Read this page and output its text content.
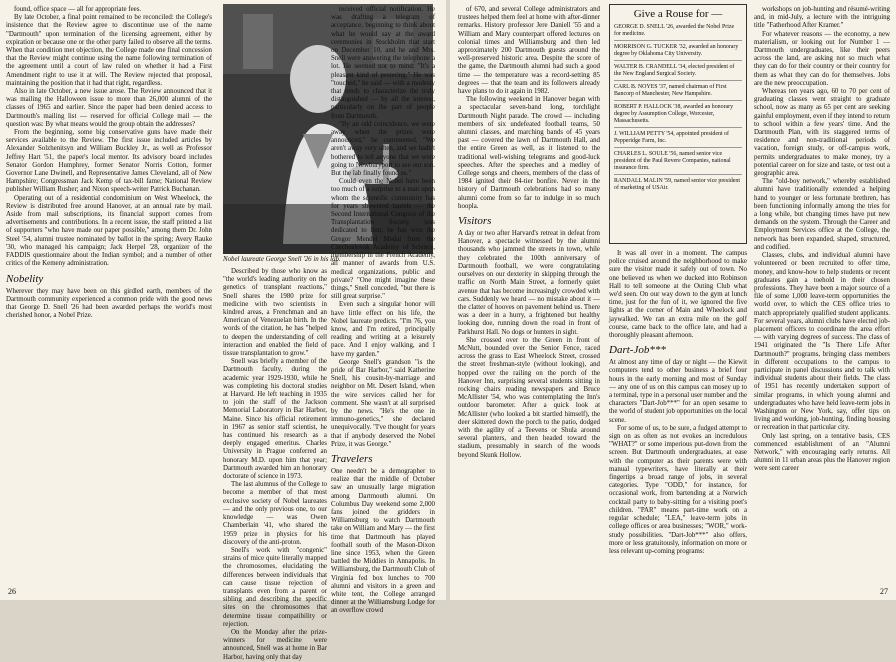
found, office space — all for appropriate fees.

By late October, a final point remained to be reconciled: the College's insistence that the Review agree to discontinue use of the name "Dartmouth" upon termination of the licensing agreement, either by expiration or because one or the other party failed to observe all the terms. When that condition met objection, the College made one final concession that the Review might continue using the name following termination of the agreement until a court of law ruled on whether it had a First Amendment right to use it at will. The Review rejected that proposal, maintaining the position that it had that right, regardless.

Also in late October, a new issue arose. The Review announced that it was mailing the Halloween issue to more than 26,000 alumni of the classes of 1965 and earlier. Since the paper had been denied access to Dartmouth's mailing list — reserved for official College mail — the question was: By what means would the group obtain the addresses?

From the beginning, some big conservative guns have made their services available to the Review. The first issue included articles by Alexander Solzhenitsyn and William Buckley Jr., as well as Professor Jeffrey Hart '51, the paper's local mentor. Its advisory board includes Senator Gordon Humphrey, former Senator Norris Cotton, former Governor Lane Dwinell, and Representative James Cleveland, all of New Hampshire; Congressman Jack Kemp of tax-bill fame; National Review publisher William Rusher; and Nixon speech-writer Patrick Buchanan.

Operating out of a residential condominium on West Wheelock, the Review is distributed free around Hanover, at an annual rate by mail. Aside from mail subscriptions, its financial support comes from advertisements and contributions. In a recent issue, the staff printed a list of supporters "who have made our paper possible," among them Dr. John Steel '54, alumni trustee nominated by ballot in the spring; Avery Rauke '30, who managed his campaign; Jack Herpel '28, organizer of the FADDIS questionnaire about the Indian symbol; and a number of other critics of the Kemeny administration.

Nobelity

Wherever they may have been on this girdled earth, members of the Dartmouth community experienced a common pride with the good news that George D. Snell '26 had been awarded perhaps the world's most cherished honor, a Nobel Prize.

Nobel laureate George Snell '26 in his lab.

Described by those who know as "the world's leading authority on the genetics of transplant reactions," Snell shares the 1980 prize for medicine with two scientists in kindred areas, a Frenchman and an American of Venezuelan birth. In the words of the citation, he has "helped to deepen the understanding of cell interaction and enabled the field of tissue transplantation to grow."

Snell was briefly a member of the Dartmouth faculty, during the academic year 1929-1930, while he was completing his doctoral studies at Harvard. He left teaching in 1935 to join the staff of the Jackson Memorial Laboratory in Bar Harbor, Maine. Since his official retirement in 1967 as senior staff scientist, he has continued his research as a deeply engaged emeritus. Charles University in Prague conferred an honorary M.D. upon him that year; Dartmouth awarded him an honorary doctorate of science in 1973.

The last alumnus of the College to become a member of that most exclusive society of Nobel laureates — and the only previous one, to our knowledge — was Owen Chamberlain '41, who shared the 1959 prize in physics for his discovery of the anti-proton.

Snell's work with "congenic" strains of mice quite literally mapped the chromosomes, elucidating the differences between individuals that can cause tissue rejection of transplants even from a parent or sibling and describing the specific sites on the chromosomes that determine tissue compatibility or rejection.

On the Monday after the prize-winners for medicine were announced, Snell was at home in Bar Harbor, having only that day

received official notification. He was drafting a telegram of acceptance, beginning to think about what he would say at the award ceremonies in Stockholm that start on December 10, and he and Mrs. Snell were answering the telephone a lot. He seemed not to mind: "It's a pleasant kind of pestering." He was "touched," he said — with a modesty that tends to characterize the truly distinguished — by all the interest, particularly on the part of people from Dartmouth.

"By an odd coincidence, we were away when the prizes were announced," he commented. "We aren't away very often, and we hadn't bothered to tell anyone that we were going to Newburyport to see our son. But the lab finally found us."

Could even the Nobel have been too much of a surprise to a man upon whom the scientific community has for years showered laurels — the Second International Congress of the Transplantation Society was dedicated to him; he has won the Gregor Mendel Medal from the Czechoslovak Academy of Science, membership in the French Academy, all manner of awards from U.S. medical organizations, public and private? "One might imagine these things," Snell conceded, "but there is still great surprise."

Even such a singular honor will have little effect on his life, the Nobel laureate predicts. "I'm 76, you know, and I'm retired, principally reading and writing at a leisurely pace. And I enjoy walking, and I have my garden."

George Snell's grandson "is the pride of Bar Harbor," said Katherine Snell, his cousin-by-marriage and neighbor on Mt. Desert Island, when the wire services called her for comment. She wasn't at all surprised by the news. "He's the one in immuno-genetics," she declared unequivocally. "I've thought for years that if anybody deserved the Nobel Prize, it was George."

Travelers

One needn't be a demographer to realize that the middle of October saw an unusually large migration among Dartmouth alumni. On Columbus Day weekend some 2,000 fans joined the gridders in Williamsburg to watch Dartmouth take on William and Mary — the first time that Dartmouth has played football south of the Mason-Dixon line since 1953, when the Green battled the Middies in Annapolis. In Williamsburg, the Dartmouth Club of Virginia fed box lunches to 700 alumni and visitors in a green and white tent, the College arranged dinner at the Williamsburg Lodge for an overflow crowd

26

of 670, and several College administrators and trustees helped them feel at home with after-dinner remarks. History professor Jere Daniell '55 and a William and Mary counterpart offered lectures on colonial times and Williamsburg and then led approximately 200 Dartmouth guests around the well-preserved historic area. Despite the score of the game, the Dartmouth alumni had such a good time — the temperature was a record-setting 85 degrees — that the team and its followers already have plans to do it again in 1982.

The following weekend in Hanover began with a spectacular seven-band long, torchlight Dartmouth Night parade. The crowd — including members of six undefeated football teams, 50 alumni classes, and marching bands of 45 years past — covered the lawn of Dartmouth Hall, and the entire Green as well, as it listened to the traditional well-wishing telegrams and good-luck speeches. After the speeches and a medley of College songs and cheers, members of the class of 1984 ignited their 84-tier bonfire. Never in the history of Dartmouth celebrations had so many alumni come from so far to indulge in so much hoopla.

Visitors

A day or two after Harvard's retreat in defeat from Hanover, a spectacle witnessed by the alumni thousands who jammed the streets in town, while they celebrated the 100th anniversary of Dartmouth football, we were congratulating ourselves on our dexterity in skipping through the traffic on North Main Street, a formerly quiet avenue that has become increasingly crowded with cars. Suddenly we heard — no mistake about it — the clatter of hooves on pavement behind us. There was a deer in a hurry, a frightened but healthy looking doe, running down the road in front of Parkhurst Hall. No dogs or hunters in sight.

She crossed over to the Green in front of McNutt, bounded over the Senior Fence, raced across the grass to East Wheelock Street, crossed the street freshman-style (without looking), and hopped over the railing on the porch of the Hanover Inn, surprising several students sitting in rocking chairs reading newspapers and Bruce McAllister '54, who was contemplating the Inn's outdoor barometer. After a quick look at McAllister (who looked a bit startled himself), the deer skittered down the porch to the patio, dodged with the agility of a Teevens or Shula around several planters, and then headed toward the stadium, presumably in search of the woods beyond Skunk Hollow.

Give a Rouse for —
GEORGE D. SNELL '26, awarded the Nobel Prize for medicine.
MORRISON G. TUCKER '32, awarded an honorary degree by Oklahoma City University.
WALTER B. CRANDELL '34, elected president of the New England Surgical Society.
CARL B. NOYES '37, named chairman of First Bancorp of Manchester, New Hampshire.
ROBERT P. HALLOCK '38, awarded an honorary degree by Assumption College, Worcester, Massachusetts.
J. WILLIAM PETTY '54, appointed president of Pepperidge Farm, Inc.
CHARLES L. SOULE '56, named senior vice president of the Paul Revere Companies, national insurance firm.
RANDALL MALIN '59, named senior vice president of marketing of USAir.

It was all over in a moment. The campus police cruised around the neighborhood to make sure the visitor made it safely out of town. No one believed us when we ducked into Robinson Hall to tell someone at the Outing Club what we'd seen. On our way down to the gym at lunch time, just for the fun of it, we ignored the five lights at the corner of Main and Wheelock and jaywalked. We ran an extra mile on the golf course, came back to the office late, and had a thoroughly pleasant afternoon.

Dart-Job***

At almost any time of day or night — the Kiewit computers tend to other business a brief four hours in the early morning and most of Sunday — any one of us on this campus can mosey up to a terminal, type in a personal user number and the characters "Dart-Job***" for an open sesame to the world of student job opportunities on the local scene.

For some of us, to be sure, a fudged attempt to sign on as often as not evokes an incredulous "WHAT?" or some imperious put-down from the screen. But Dartmouth undergraduates, at ease with the computer as their parents were with manual typewriters, have literally at their fingertips a broad range of jobs, in several categories. Type "ODD," for instance, for occasional work, from bartending at a Norwich cocktail party to baby-sitting for a visiting poet's children. "PAR" means part-time work on a regular schedule; "LEA," leave-term jobs in college offices or area businesses; "WOR," work-study possibilities. "Dart-Job***" also offers, more or less gratuitously, information on more or less relevant up-coming programs:

workshops on job-hunting and résumé-writing and, in mid-July, a lecture with the intriguing title "Fatherhood After Kramer."

For whatever reasons — the economy, a new materialism, or looking out for Number 1 — Dartmouth undergraduates, like their peers across the land, are asking not so much what they can do for their country or their country for them as what they can do for themselves. Jobs are the new preoccupation.

Whereas ten years ago, 60 to 70 per cent of graduating classes went straight to graduate school, now as many as 65 per cent are seeking gainful employment, even if they intend to return to school within a few years' time. And the Dartmouth Plan, with its staggered terms of residence and non-traditional periods of vacation, foreign study, or off-campus work, permits undergraduates to make money, try a potential career on for size and taste, or test out a geographic area.

The "old-boy network," whereby established alumni have traditionally extended a helping hand to younger or less fortunate brethren, has been functioning informally among the tries for a long while, but changing times have put new demands on the system. Through the Career and Employment Services office at the College, the network has been expanded, shaped, structured, and codified.

Classes, clubs, and individual alumni have volunteered or been recruited to offer time, money, and know-how to help students or recent graduates gain a toehold in their chosen professions. They have been a major source of a file of some 1,000 leave-term opportunities the world over, to which the CES office tries to match appropriately qualified student applicants. For several years, alumni clubs have elected job-placement officers to coordinate the area effort — with varying degrees of success. The class of 1941 originated the "Is There Life After Dartmouth?" programs, bringing class members in different occupations to the campus to participate in panel discussions and to talk with individual students about their fields. The class of 1951 has recently undertaken support of similar programs, in which young alumni and undergraduates who have held leave-term jobs in Washington or New York, say, offer tips on living and working, job-hunting, finding housing or recreation in that particular city.

Only last spring, on a tentative basis, CES commenced establishment of an "Alumni Network," with encouraging early returns. All alumni in 11 urban areas plus the Hanover region were sent career

27
